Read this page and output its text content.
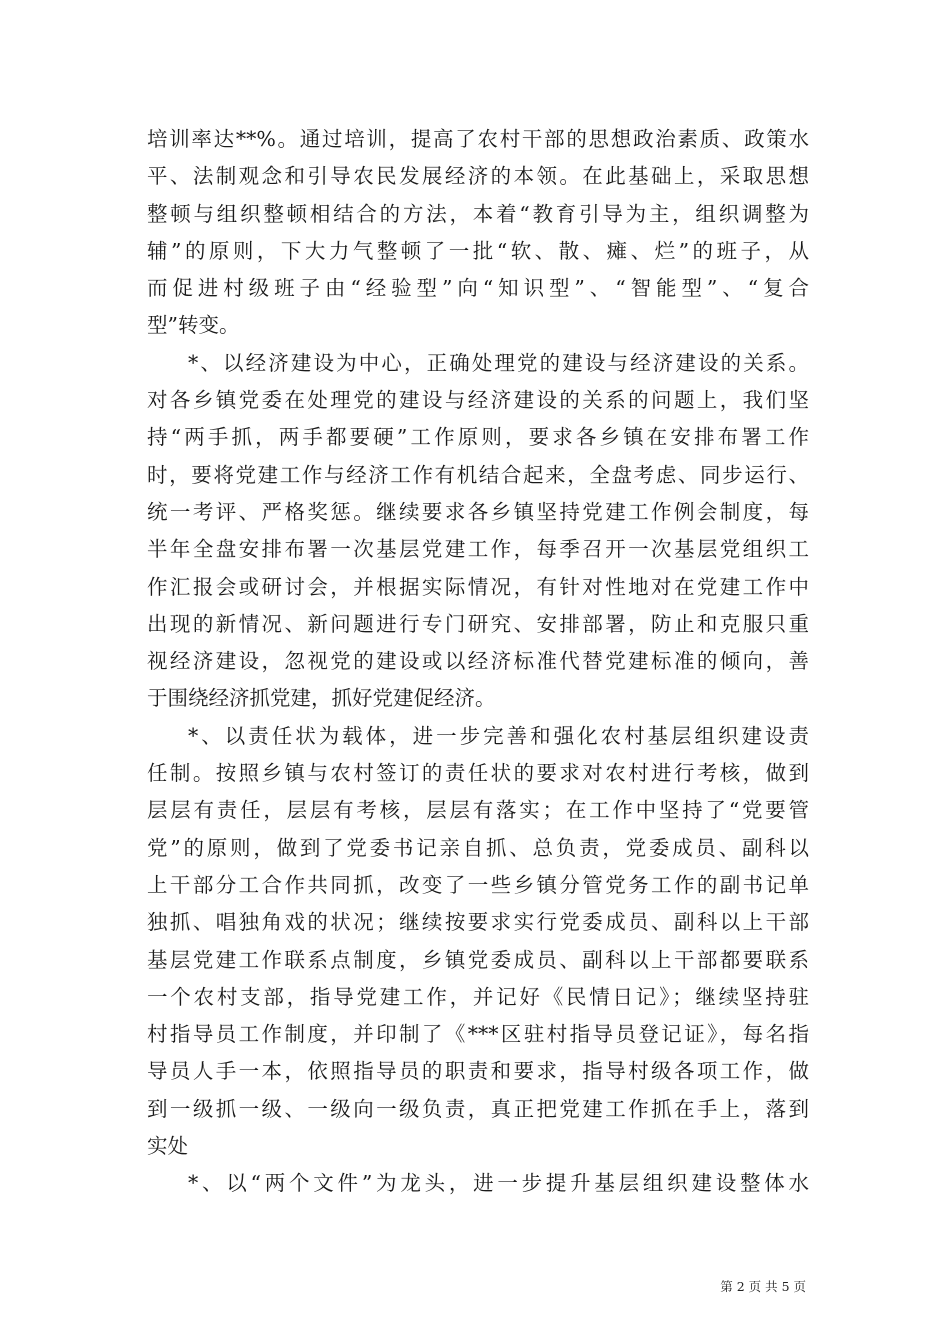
培训率达**%。通过培训，提高了农村干部的思想政治素质、政策水
平、法制观念和引导农民发展经济的本领。在此基础上，采取思想
整顿与组织整顿相结合的方法，本着“教育引导为主，组织调整为
辅”的原则，下大力气整顿了一批“软、散、瘫、烂”的班子，从
而促进村级班子由“经验型”向“知识型”、“智能型”、“复合
型”转变。
*、以经济建设为中心，正确处理党的建设与经济建设的关系。
对各乡镇党委在处理党的建设与经济建设的关系的问题上，我们坚
持“两手抓，两手都要硬”工作原则，要求各乡镇在安排布署工作
时，要将党建工作与经济工作有机结合起来，全盘考虑、同步运行、
统一考评、严格奖惩。继续要求各乡镇坚持党建工作例会制度，每
半年全盘安排布署一次基层党建工作，每季召开一次基层党组织工
作汇报会或研讨会，并根据实际情况，有针对性地对在党建工作中
出现的新情况、新问题进行专门研究、安排部署，防止和克服只重
视经济建设，忽视党的建设或以经济标准代替党建标准的倾向，善
于围绕经济抓党建，抓好党建促经济。
*、以责任状为载体，进一步完善和强化农村基层组织建设责
任制。按照乡镇与农村签订的责任状的要求对农村进行考核，做到
层层有责任，层层有考核，层层有落实；在工作中坚持了“党要管
党”的原则，做到了党委书记亲自抓、总负责，党委成员、副科以
上干部分工合作共同抓，改变了一些乡镇分管党务工作的副书记单
独抓、唱独角戏的状况；继续按要求实行党委成员、副科以上干部
基层党建工作联系点制度，乡镇党委成员、副科以上干部都要联系
一个农村支部，指导党建工作，并记好《民情日记》；继续坚持驻
村指导员工作制度，并印制了《***区驻村指导员登记证》，每名指
导员人手一本，依照指导员的职责和要求，指导村级各项工作，做
到一级抓一级、一级向一级负责，真正把党建工作抓在手上，落到
实处
*、以“两个文件”为龙头，进一步提升基层组织建设整体水
第 2 页 共 5 页
